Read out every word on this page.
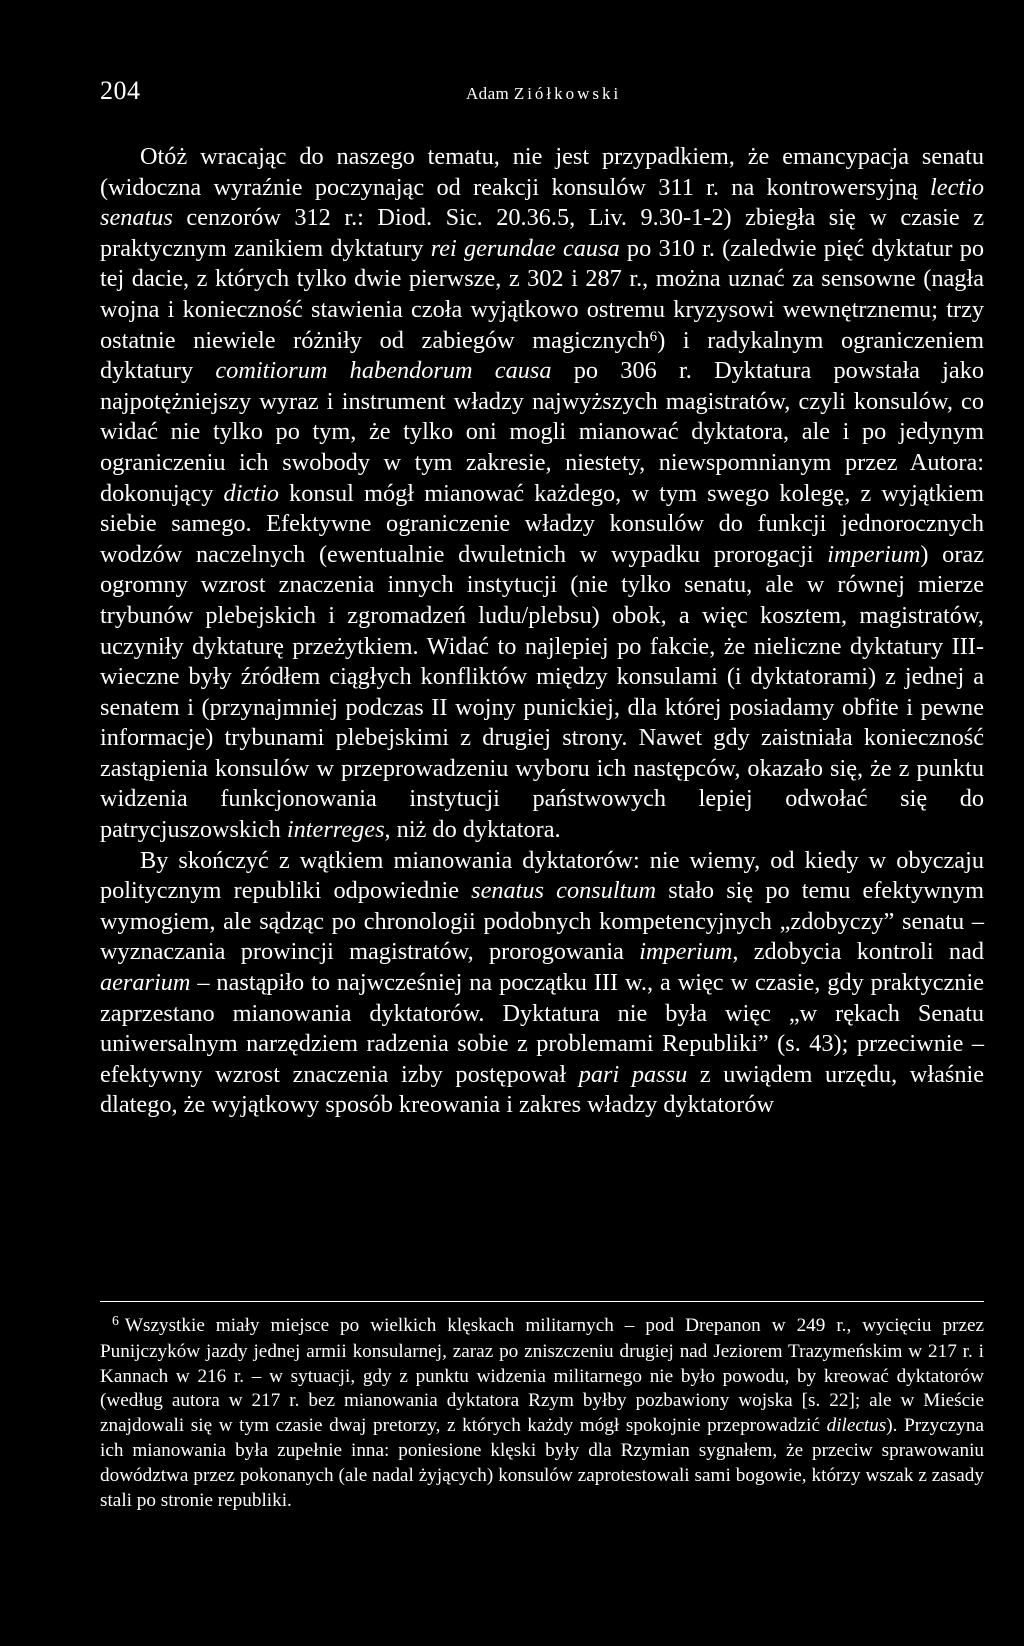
204	Adam Ziółkowski

Otóż wracając do naszego tematu, nie jest przypadkiem, że emancypacja senatu (widoczna wyraźnie poczynając od reakcji konsulów 311 r. na kontrowersyjną lectio senatus cenzorów 312 r.: Diod. Sic. 20.36.5, Liv. 9.30-1-2) zbiegła się w czasie z praktycznym zanikiem dyktatury rei gerundae causa po 310 r. (zaledwie pięć dyktatur po tej dacie, z których tylko dwie pierwsze, z 302 i 287 r., można uznać za sensowne (nagła wojna i konieczność stawienia czoła wyjątkowo ostremu kryzysowi wewnętrznemu; trzy ostatnie niewiele różniły od zabiegów magicznych$^6$) i radykalnym ograniczeniem dyktatury comitiorum habendorum causa po 306 r. Dyktatura powstała jako najpotężniejszy wyraz i instrument władzy najwyższych magistratów, czyli konsulów, co widać nie tylko po tym, że tylko oni mogli mianować dyktatora, ale i po jedynym ograniczeniu ich swobody w tym zakresie, niestety, niewspomnianym przez Autora: dokonujący dictio konsul mógł mianować każdego, w tym swego kolegę, z wyjątkiem siebie samego. Efektywne ograniczenie władzy konsulów do funkcji jednorocznych wodzów naczelnych (ewentualnie dwuletnich w wypadku prorogacji imperium) oraz ogromny wzrost znaczenia innych instytucji (nie tylko senatu, ale w równej mierze trybunów plebejskich i zgromadzeń ludu/plebsu) obok, a więc kosztem, magistratów, uczyniły dyktaturę przeżytkiem. Widać to najlepiej po fakcie, że nieliczne dyktatury III-wieczne były źródłem ciągłych konfliktów między konsulami (i dyktatorami) z jednej a senatem i (przynajmniej podczas II wojny punickiej, dla której posiadamy obfite i pewne informacje) trybunami plebejskimi z drugiej strony. Nawet gdy zaistniała konieczność zastąpienia konsulów w przeprowadzeniu wyboru ich następców, okazało się, że z punktu widzenia funkcjonowania instytucji państwowych lepiej odwołać się do patrycjuszowskich interreges, niż do dyktatora.

By skończyć z wątkiem mianowania dyktatorów: nie wiemy, od kiedy w obyczaju politycznym republiki odpowiednie senatus consultum stało się po temu efektywnym wymogiem, ale sądząc po chronologii podobnych kompetencyjnych „zdobyczy” senatu – wyznaczania prowincji magistratów, prorogowania imperium, zdobycia kontroli nad aerarium – nastąpiło to najwcześniej na początku III w., a więc w czasie, gdy praktycznie zaprzestano mianowania dyktatorów. Dyktatura nie była więc „w rękach Senatu uniwersalnym narzędziem radzenia sobie z problemami Republiki” (s. 43); przeciwnie – efektywny wzrost znaczenia izby postępował pari passu z uwiądem urzędu, właśnie dlatego, że wyjątkowy sposób kreowania i zakres władzy dyktatorów

$^6$ Wszystkie miały miejsce po wielkich klęskach militarnych – pod Drepanon w 249 r., wycięciu przez Punijczyków jazdy jednej armii konsularnej, zaraz po zniszczeniu drugiej nad Jeziorem Trazymeńskim w 217 r. i Kannach w 216 r. – w sytuacji, gdy z punktu widzenia militarnego nie było powodu, by kreować dyktatorów (według autora w 217 r. bez mianowania dyktatora Rzym byłby pozbawiony wojska [s. 22]; ale w Mieście znajdowali się w tym czasie dwaj pretorzy, z których każdy mógł spokojnie przeprowadzić dilectus). Przyczyna ich mianowania była zupełnie inna: poniesione klęski były dla Rzymian sygnałem, że przeciw sprawowaniu dowództwa przez pokonanych (ale nadal żyjących) konsulów zaprotestowali sami bogowie, którzy wszak z zasady stali po stronie republiki.
